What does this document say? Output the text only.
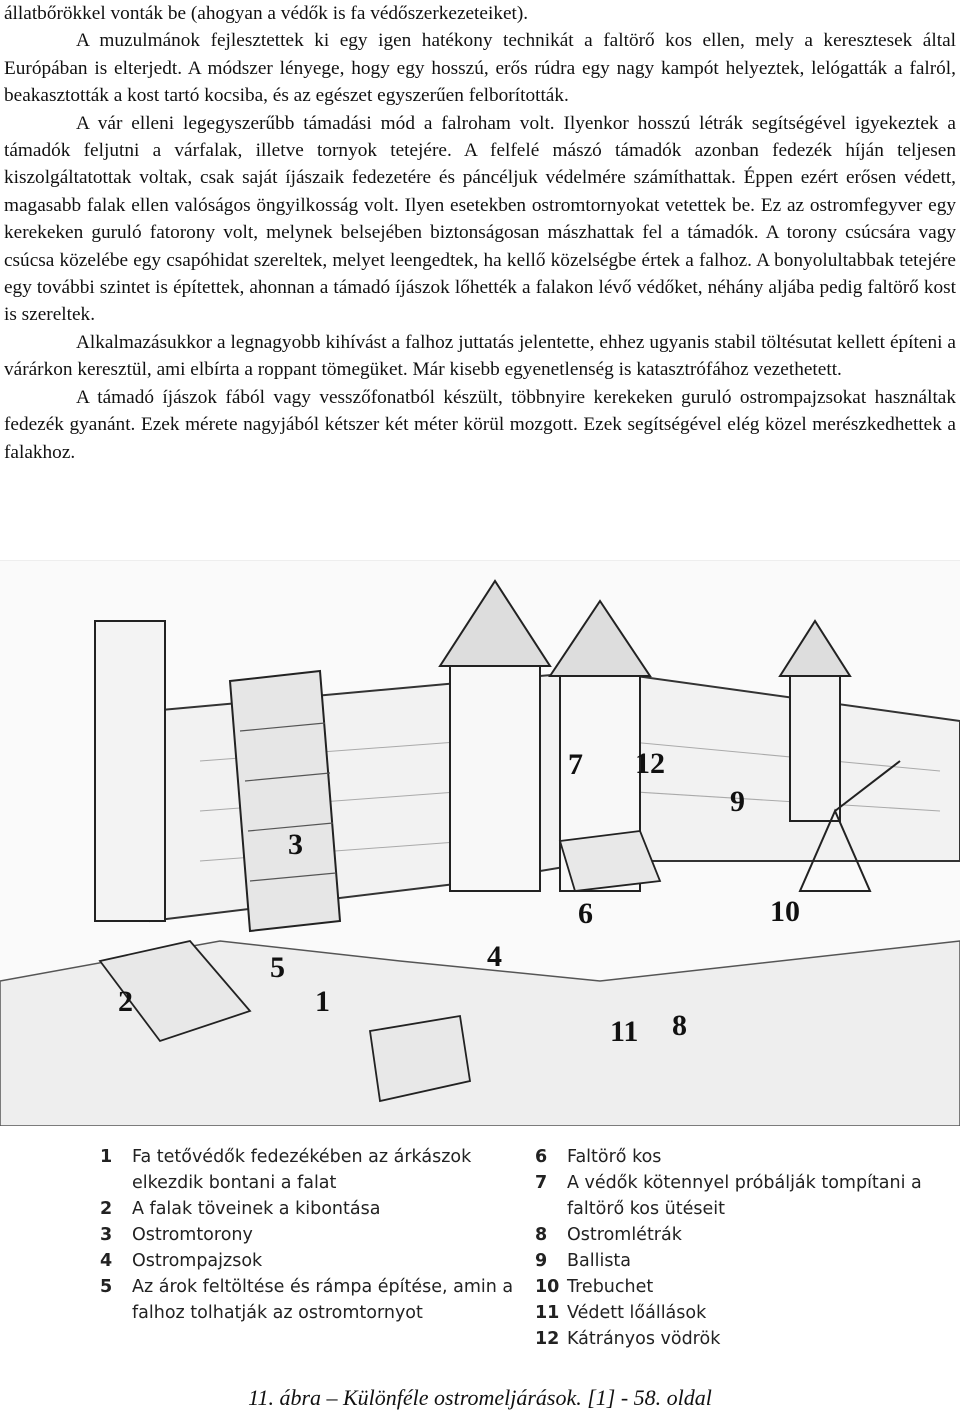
állatbőrökkel vonták be (ahogyan a védők is fa védőszerkezeteiket).

A muzulmánok fejlesztettek ki egy igen hatékony technikát a faltörő kos ellen, mely a keresztesek által Európában is elterjedt. A módszer lényege, hogy egy hosszú, erős rúdra egy nagy kampót helyeztek, lelógatták a falról, beakasztották a kost tartó kocsiba, és az egészet egyszerűen felborították.

A vár elleni legegyszerűbb támadási mód a falroham volt. Ilyenkor hosszú létrák segítségével igyekeztek a támadók feljutni a várfalak, illetve tornyok tetejére. A felfelé mászó támadók azonban fedezék híján teljesen kiszolgáltatottak voltak, csak saját íjászaik fedezetére és páncéljuk védelmére számíthattak. Éppen ezért erősen védett, magasabb falak ellen valóságos öngyilkosság volt. Ilyen esetekben ostromtornyokat vetettek be. Ez az ostromfegyver egy kerekeken guruló fatorony volt, melynek belsejében biztonságosan mászhattak fel a támadók. A torony csúcsára vagy csúcsa közelébe egy csapóhidat szereltek, melyet leengedtek, ha kellő közelségbe értek a falhoz. A bonyolultabbak tetejére egy további szintet is építettek, ahonnan a támadó íjászok lőhették a falakon lévő védőket, néhány aljába pedig faltörő kost is szereltek.

Alkalmazásukkor a legnagyobb kihívást a falhoz juttatás jelentette, ehhez ugyanis stabil töltésutat kellett építeni a várárkon keresztül, ami elbírta a roppant tömegüket. Már kisebb egyenetlenség is katasztrófához vezethetett.

A támadó íjászok fából vagy vesszőfonatból készült, többnyire kerekeken guruló ostrompajzsokat használtak fedezék gyanánt. Ezek mérete nagyjából kétszer két méter körül mozgott. Ezek segítségével elég közel merészkedhettek a falakhoz.

1
2
3
4
5
6
7
8
9
10
11
12
1	Fa tetővédők fedezékében az árkászok elkezdik bontani a falat
2	A falak töveinek a kibontása
3	Ostromtorony
4	Ostrompajzsok
5	Az árok feltöltése és rámpa építése, amin a falhoz tolhatják az ostromtornyot
6	Faltörő kos
7	A védők kötennyel próbálják tompítani a faltörő kos ütéseit
8	Ostromlétrák
9	Ballista
10 Trebuchet
11 Védett lőállások
12 Kátrányos vödrök
11. ábra – Különféle ostromeljárások. [1] - 58. oldal
